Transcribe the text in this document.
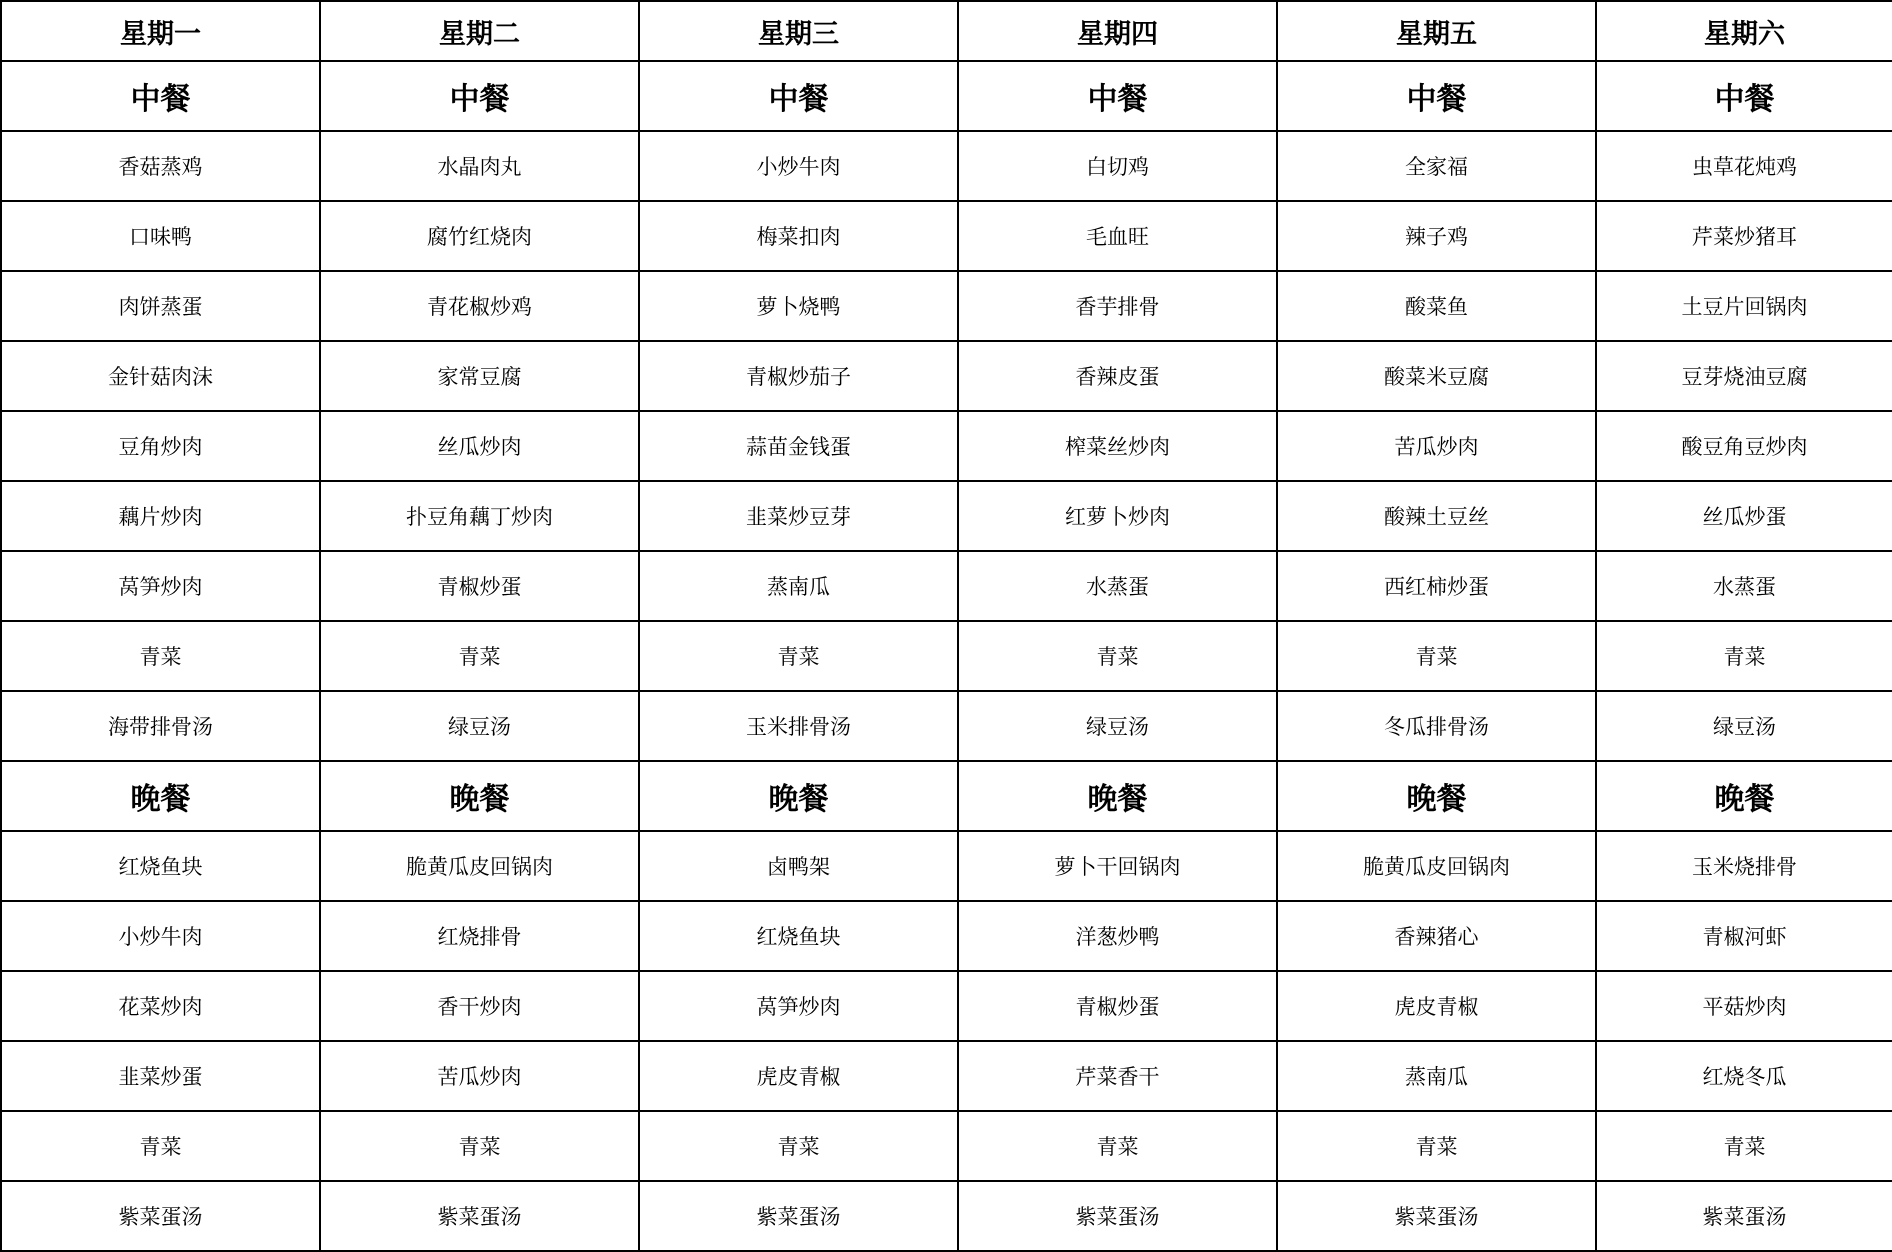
星期一	星期二	星期三	星期四	星期五	星期六
中餐	中餐	中餐	中餐	中餐	中餐
香菇蒸鸡	水晶肉丸	小炒牛肉	白切鸡	全家福	虫草花炖鸡
口味鸭	腐竹红烧肉	梅菜扣肉	毛血旺	辣子鸡	芹菜炒猪耳
肉饼蒸蛋	青花椒炒鸡	萝卜烧鸭	香芋排骨	酸菜鱼	土豆片回锅肉
金针菇肉沫	家常豆腐	青椒炒茄子	香辣皮蛋	酸菜米豆腐	豆芽烧油豆腐
豆角炒肉	丝瓜炒肉	蒜苗金钱蛋	榨菜丝炒肉	苦瓜炒肉	酸豆角豆炒肉
藕片炒肉	扑豆角藕丁炒肉	韭菜炒豆芽	红萝卜炒肉	酸辣土豆丝	丝瓜炒蛋
莴笋炒肉	青椒炒蛋	蒸南瓜	水蒸蛋	西红柿炒蛋	水蒸蛋
青菜	青菜	青菜	青菜	青菜	青菜
海带排骨汤	绿豆汤	玉米排骨汤	绿豆汤	冬瓜排骨汤	绿豆汤
晚餐	晚餐	晚餐	晚餐	晚餐	晚餐
红烧鱼块	脆黄瓜皮回锅肉	卤鸭架	萝卜干回锅肉	脆黄瓜皮回锅肉	玉米烧排骨
小炒牛肉	红烧排骨	红烧鱼块	洋葱炒鸭	香辣猪心	青椒河虾
花菜炒肉	香干炒肉	莴笋炒肉	青椒炒蛋	虎皮青椒	平菇炒肉
韭菜炒蛋	苦瓜炒肉	虎皮青椒	芹菜香干	蒸南瓜	红烧冬瓜
青菜	青菜	青菜	青菜	青菜	青菜
紫菜蛋汤	紫菜蛋汤	紫菜蛋汤	紫菜蛋汤	紫菜蛋汤	紫菜蛋汤
